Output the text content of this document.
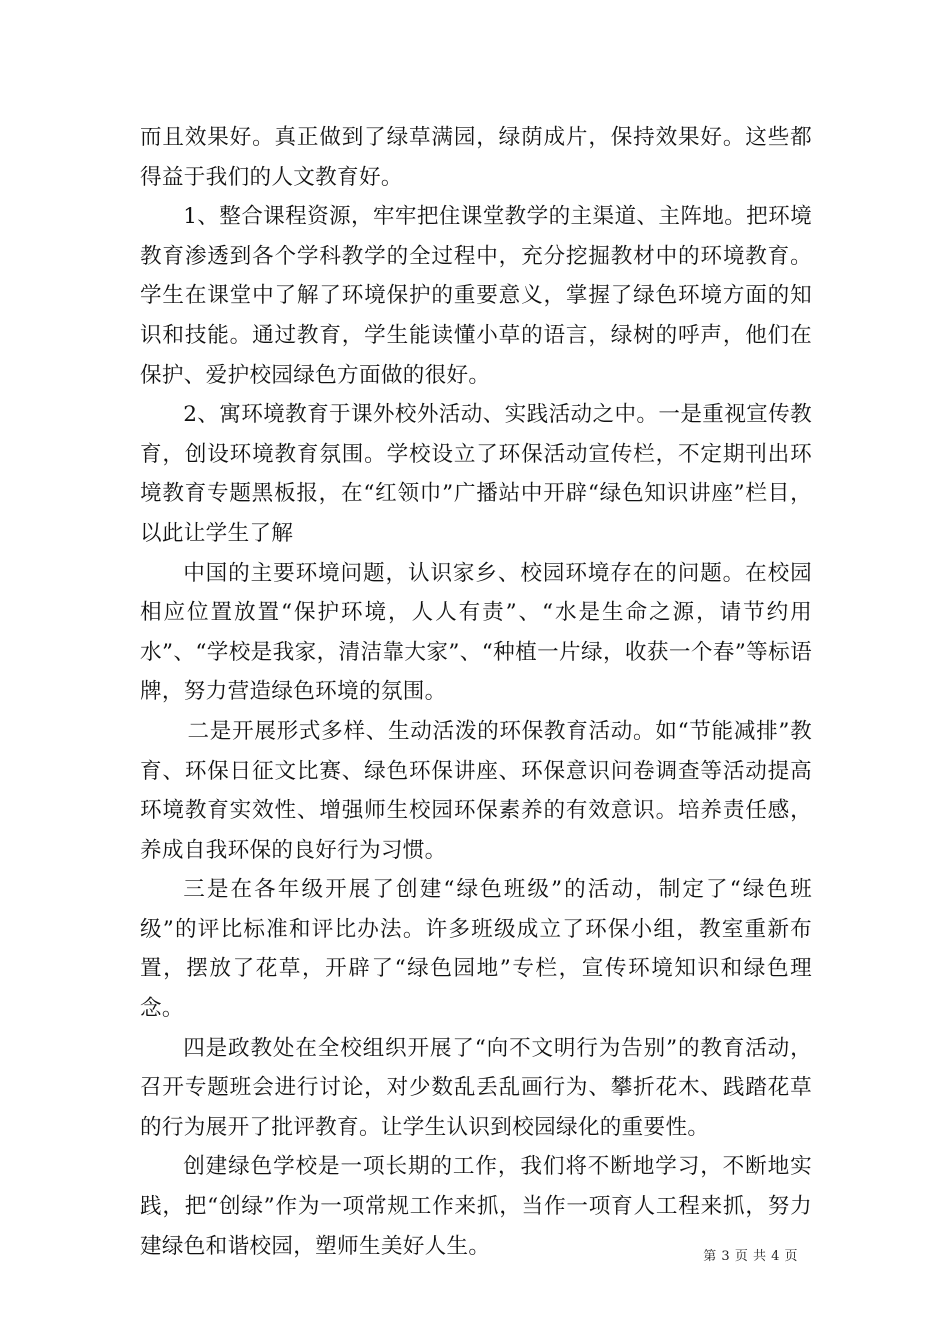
而且效果好。真正做到了绿草满园，绿荫成片，保持效果好。这些都得益于我们的人文教育好。

1、整合课程资源，牢牢把住课堂教学的主渠道、主阵地。把环境教育渗透到各个学科教学的全过程中，充分挖掘教材中的环境教育。学生在课堂中了解了环境保护的重要意义，掌握了绿色环境方面的知识和技能。通过教育，学生能读懂小草的语言，绿树的呼声，他们在保护、爱护校园绿色方面做的很好。

2、寓环境教育于课外校外活动、实践活动之中。一是重视宣传教育，创设环境教育氛围。学校设立了环保活动宣传栏，不定期刊出环境教育专题黑板报，在“红领巾”广播站中开辟“绿色知识讲座”栏目，以此让学生了解

中国的主要环境问题，认识家乡、校园环境存在的问题。在校园相应位置放置“保护环境，人人有责”、“水是生命之源，请节约用水”、“学校是我家，清洁靠大家”、“种植一片绿，收获一个春”等标语牌，努力营造绿色环境的氛围。

二是开展形式多样、生动活泼的环保教育活动。如“节能减排”教育、环保日征文比赛、绿色环保讲座、环保意识问卷调查等活动提高环境教育实效性、增强师生校园环保素养的有效意识。培养责任感，养成自我环保的良好行为习惯。

三是在各年级开展了创建“绿色班级”的活动，制定了“绿色班级”的评比标准和评比办法。许多班级成立了环保小组，教室重新布置，摆放了花草，开辟了“绿色园地”专栏，宣传环境知识和绿色理念。

四是政教处在全校组织开展了“向不文明行为告别”的教育活动，召开专题班会进行讨论，对少数乱丢乱画行为、攀折花木、践踏花草的行为展开了批评教育。让学生认识到校园绿化的重要性。

创建绿色学校是一项长期的工作，我们将不断地学习，不断地实践，把“创绿”作为一项常规工作来抓，当作一项育人工程来抓，努力建绿色和谐校园，塑师生美好人生。	第 3 页 共 4 页
